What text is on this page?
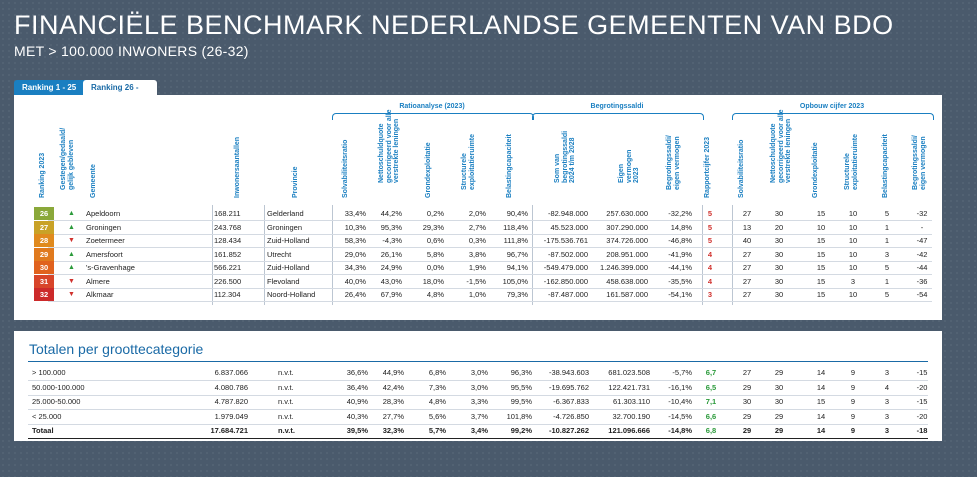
FINANCIËLE BENCHMARK NEDERLANDSE GEMEENTEN VAN BDO
MET > 100.000 INWONERS (26-32)
Ranking 1 - 25	Ranking 26 -
Ratioanalyse (2023)	Begrotingssaldi	Opbouw cijfer 2023
Ranking 2023 Gestegen/gedaald/ gelijk gebleven Gemeente	Inwonersaantallen	Provincie	Solvabiliteitsratio	Nettoschuldquote gecorrigeerd voor alle verstrekte leningen	Grondexploitatie	Structurele exploitatieruimte	Belastingcapaciteit	Som van begrotingssaldi 2024 t/m 2028	Eigen vermogen 2023	Begrotingssaldi/ eigen vermogen	Rapportcijfer 2023	Solvabiliteitsratio	Nettoschuldquote gecorrigeerd voor alle verstrekte leningen	Grondexploitatie	Structurele exploitatieruimte	Belastingcapaciteit	Begrotingssaldi/ eigen vermogen
26	▲ Apeldoorn	168.211	Gelderland	33,4%	44,2%	0,2%	2,0%	90,4%	-82.948.000	257.630.000	-32,2%	5	27	30	15	10	5	-32
27	▲ Groningen	243.768	Groningen	10,3%	95,3%	29,3%	2,7%	118,4%	45.523.000	307.290.000	14,8%	5	13	20	10	10	1	-
28	▼ Zoetermeer	128.434	Zuid-Holland	58,3%	-4,3%	0,6%	0,3%	111,8%	-175.536.761	374.726.000	-46,8%	5	40	30	15	10	1	-47
29	▲ Amersfoort	161.852	Utrecht	29,0%	26,1%	5,8%	3,8%	96,7%	-87.502.000	208.951.000	-41,9%	4	27	30	15	10	3	-42
30	▲ 's-Gravenhage	566.221	Zuid-Holland	34,3%	24,9%	0,0%	1,9%	94,1%	-549.479.000	1.246.399.000	-44,1%	4	27	30	15	10	5	-44
31	▼ Almere	226.500	Flevoland	40,0%	43,0%	18,0%	-1,5%	105,0%	-162.850.000	458.638.000	-35,5%	4	27	30	15	3	1	-36
32	▼ Alkmaar	112.304	Noord-Holland	26,4%	67,9%	4,8%	1,0%	79,3%	-87.487.000	161.587.000	-54,1%	3	27	30	15	10	5	-54
Totalen per groottecategorie
> 100.000	6.837.066	n.v.t.	36,6%	44,9%	6,8%	3,0%	96,3%	-38.943.603	681.023.508	-5,7% 6,7	27	29	14	9	3	-15
50.000-100.000	4.080.786	n.v.t.	36,4%	42,4%	7,3%	3,0%	95,5%	-19.695.762	122.421.731	-16,1% 6,5	29	30	14	9	4	-20
25.000-50.000	4.787.820	n.v.t.	40,9%	28,3%	4,8%	3,3%	99,5%	-6.367.833	61.303.110	-10,4% 7,1	30	30	15	9	3	-15
< 25.000	1.979.049	n.v.t.	40,3%	27,7%	5,6%	3,7%	101,8%	-4.726.850	32.700.190	-14,5% 6,6	29	29	14	9	3	-20
Totaal	17.684.721	n.v.t.	39,5%	32,3%	5,7%	3,4%	99,2%	-10.827.262	121.096.666	-14,8% 6,8	29	29	14	9	3	-18
